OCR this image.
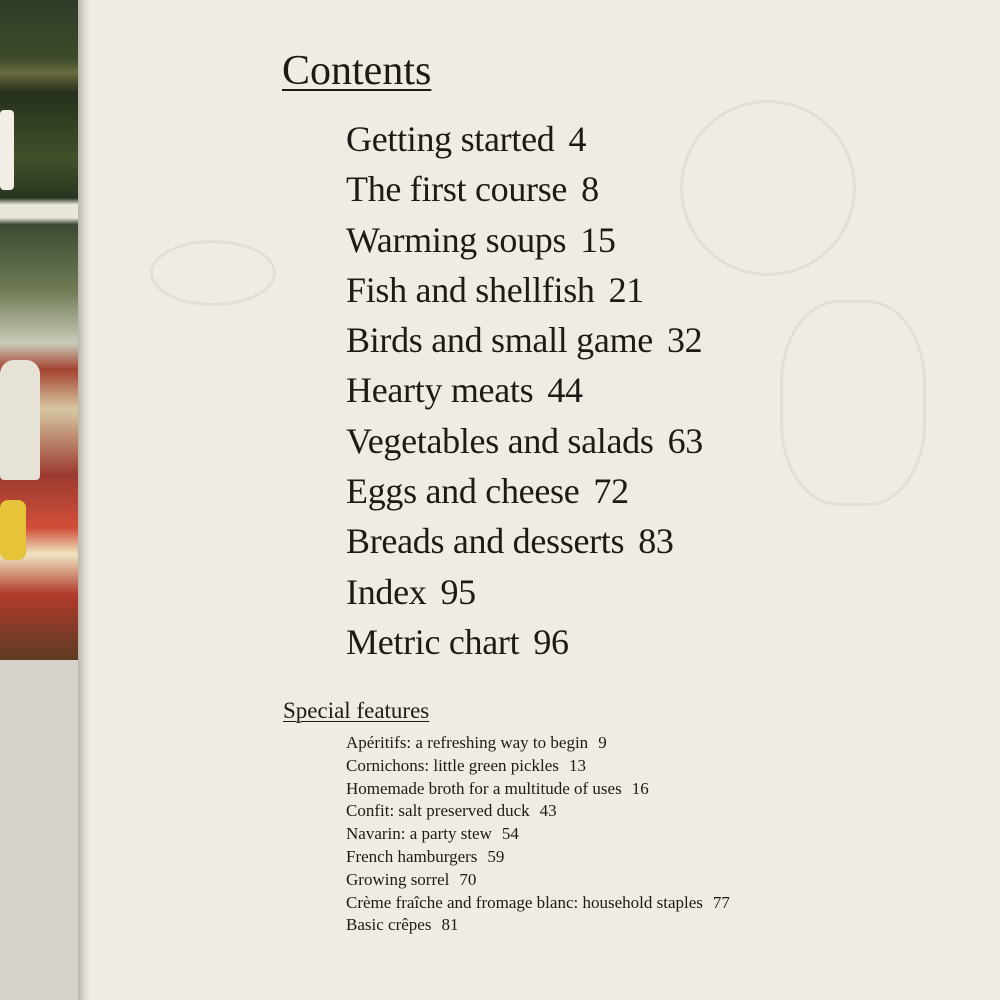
Contents
Getting started 4
The first course 8
Warming soups 15
Fish and shellfish 21
Birds and small game 32
Hearty meats 44
Vegetables and salads 63
Eggs and cheese 72
Breads and desserts 83
Index 95
Metric chart 96
Special features
Apéritifs: a refreshing way to begin 9
Cornichons: little green pickles 13
Homemade broth for a multitude of uses 16
Confit: salt preserved duck 43
Navarin: a party stew 54
French hamburgers 59
Growing sorrel 70
Crème fraîche and fromage blanc: household staples 77
Basic crêpes 81
